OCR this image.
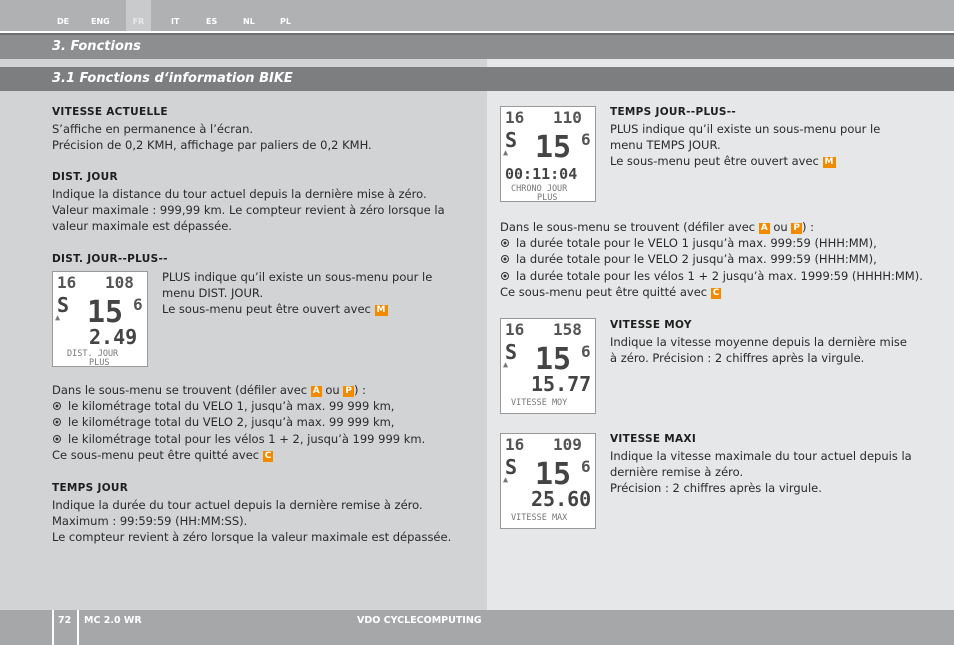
DE	ENG	FR	IT	ES	NL	PL
3. Fonctions
3.1 Fonctions d‘information BIKE
VITESSE ACTUELLE
S’affiche en permanence à l’écran.
Précision de 0,2 KMH, affichage par paliers de 0,2 KMH.
DIST. JOUR
Indique la distance du tour actuel depuis la dernière mise à zéro.
Valeur maximale : 999,99 km. Le compteur revient à zéro lorsque la
valeur maximale est dépassée.
DIST. JOUR--PLUS--
16 108
S 15 6
▲
2.49
DIST. JOUR
PLUS
PLUS indique qu’il existe un sous-menu pour le
menu DIST. JOUR.
Le sous-menu peut être ouvert avec M
Dans le sous-menu se trouvent (défiler avec A ou P ) :
le kilométrage total du VELO 1, jusqu’à max. 99 999 km,
le kilométrage total du VELO 2, jusqu’à max. 99 999 km,
le kilométrage total pour les vélos 1 + 2, jusqu’à 199 999 km.
Ce sous-menu peut être quitté avec C
TEMPS JOUR
Indique la durée du tour actuel depuis la dernière remise à zéro.
Maximum : 99:59:59 (HH:MM:SS).
Le compteur revient à zéro lorsque la valeur maximale est dépassée.
16 110
S 15 6
▲
00:11:04
CHRONO JOUR
PLUS
TEMPS JOUR--PLUS--
PLUS indique qu’il existe un sous-menu pour le
menu TEMPS JOUR.
Le sous-menu peut être ouvert avec M
Dans le sous-menu se trouvent (défiler avec A ou P ) :
la durée totale pour le VELO 1 jusqu’à max. 999:59 (HHH:MM),
la durée totale pour le VELO 2 jusqu’à max. 999:59 (HHH:MM),
la durée totale pour les vélos 1 + 2 jusqu’à max. 1999:59 (HHHH:MM).
Ce sous-menu peut être quitté avec C
16 158
S 15 6
▲
15.77
VITESSE MOY
VITESSE MOY
Indique la vitesse moyenne depuis la dernière mise
à zéro. Précision : 2 chiffres après la virgule.
16 109
S 15 6
▲
25.60
VITESSE MAX
VITESSE MAXI
Indique la vitesse maximale du tour actuel depuis la
dernière remise à zéro.
Précision : 2 chiffres après la virgule.
72 MC 2.0 WR	VDO CYCLECOMPUTING
